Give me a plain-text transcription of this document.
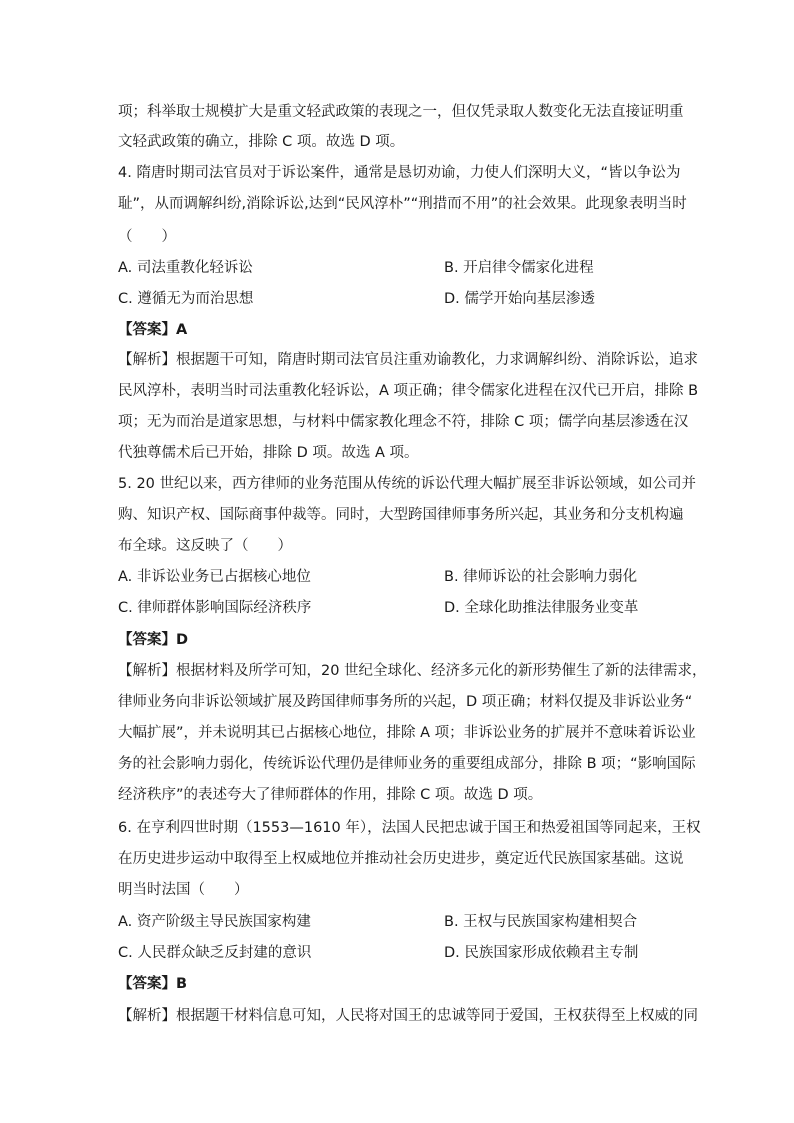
项；科举取士规模扩大是重文轻武政策的表现之一，但仅凭录取人数变化无法直接证明重
文轻武政策的确立，排除 C 项。故选 D 项。
4. 隋唐时期司法官员对于诉讼案件，通常是恳切劝谕，力使人们深明大义，“皆以争讼为
耻”，从而调解纠纷,消除诉讼,达到“民风淳朴”“刑措而不用”的社会效果。此现象表明当时
（　　）
A. 司法重教化轻诉讼	B. 开启律令儒家化进程
C. 遵循无为而治思想	D. 儒学开始向基层渗透
【答案】A
【解析】根据题干可知，隋唐时期司法官员注重劝谕教化，力求调解纠纷、消除诉讼，追求
民风淳朴，表明当时司法重教化轻诉讼，A 项正确；律令儒家化进程在汉代已开启，排除 B
项；无为而治是道家思想，与材料中儒家教化理念不符，排除 C 项；儒学向基层渗透在汉
代独尊儒术后已开始，排除 D 项。故选 A 项。
5. 20 世纪以来，西方律师的业务范围从传统的诉讼代理大幅扩展至非诉讼领域，如公司并
购、知识产权、国际商事仲裁等。同时，大型跨国律师事务所兴起，其业务和分支机构遍
布全球。这反映了（　　）
A. 非诉讼业务已占据核心地位	B. 律师诉讼的社会影响力弱化
C. 律师群体影响国际经济秩序	D. 全球化助推法律服务业变革
【答案】D
【解析】根据材料及所学可知，20 世纪全球化、经济多元化的新形势催生了新的法律需求，
律师业务向非诉讼领域扩展及跨国律师事务所的兴起，D 项正确；材料仅提及非诉讼业务“
大幅扩展”，并未说明其已占据核心地位，排除 A 项；非诉讼业务的扩展并不意味着诉讼业
务的社会影响力弱化，传统诉讼代理仍是律师业务的重要组成部分，排除 B 项；“影响国际
经济秩序”的表述夸大了律师群体的作用，排除 C 项。故选 D 项。
6. 在亨利四世时期（1553—1610 年），法国人民把忠诚于国王和热爱祖国等同起来，王权
在历史进步运动中取得至上权威地位并推动社会历史进步，奠定近代民族国家基础。这说
明当时法国（　　）
A. 资产阶级主导民族国家构建	B. 王权与民族国家构建相契合
C. 人民群众缺乏反封建的意识	D. 民族国家形成依赖君主专制
【答案】B
【解析】根据题干材料信息可知，人民将对国王的忠诚等同于爱国，王权获得至上权威的同
